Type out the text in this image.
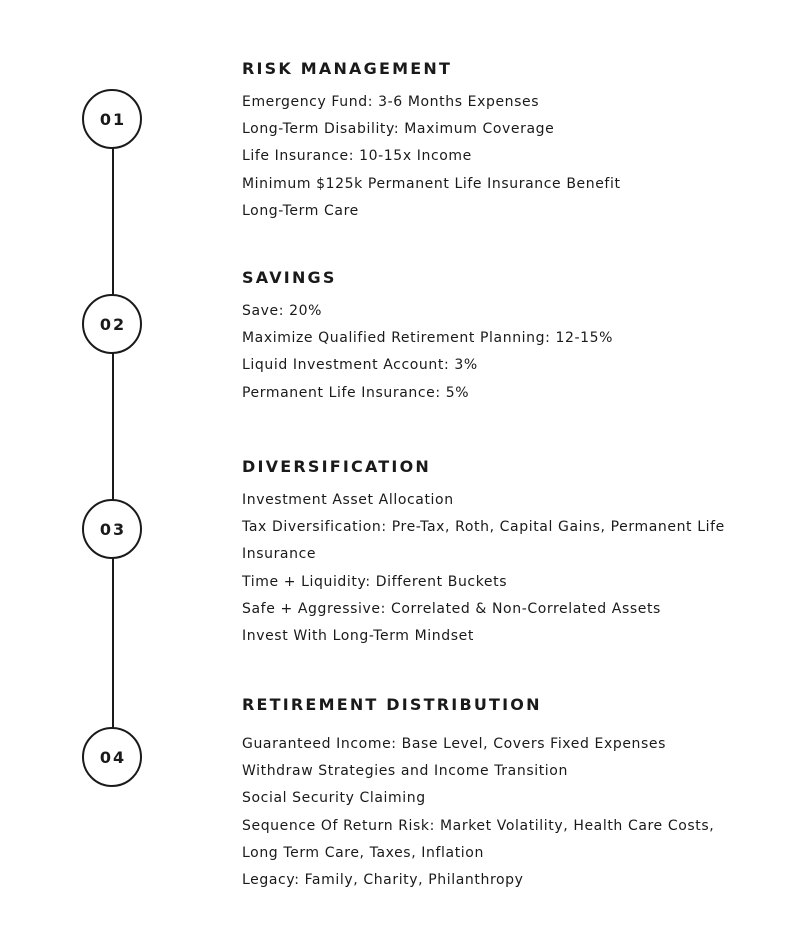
01
RISK MANAGEMENT
Emergency Fund: 3-6 Months Expenses
Long-Term Disability: Maximum Coverage
Life Insurance: 10-15x Income
Minimum $125k Permanent Life Insurance Benefit
Long-Term Care
02
SAVINGS
Save: 20%
Maximize Qualified Retirement Planning: 12-15%
Liquid Investment Account: 3%
Permanent Life Insurance: 5%
03
DIVERSIFICATION
Investment Asset Allocation
Tax Diversification: Pre-Tax, Roth, Capital Gains, Permanent Life
Insurance
Time + Liquidity: Different Buckets
Safe + Aggressive: Correlated & Non-Correlated Assets
Invest With Long-Term Mindset
04
RETIREMENT DISTRIBUTION
Guaranteed Income: Base Level, Covers Fixed Expenses
Withdraw Strategies and Income Transition
Social Security Claiming
Sequence Of Return Risk: Market Volatility, Health Care Costs,
Long Term Care, Taxes, Inflation
Legacy: Family, Charity, Philanthropy
